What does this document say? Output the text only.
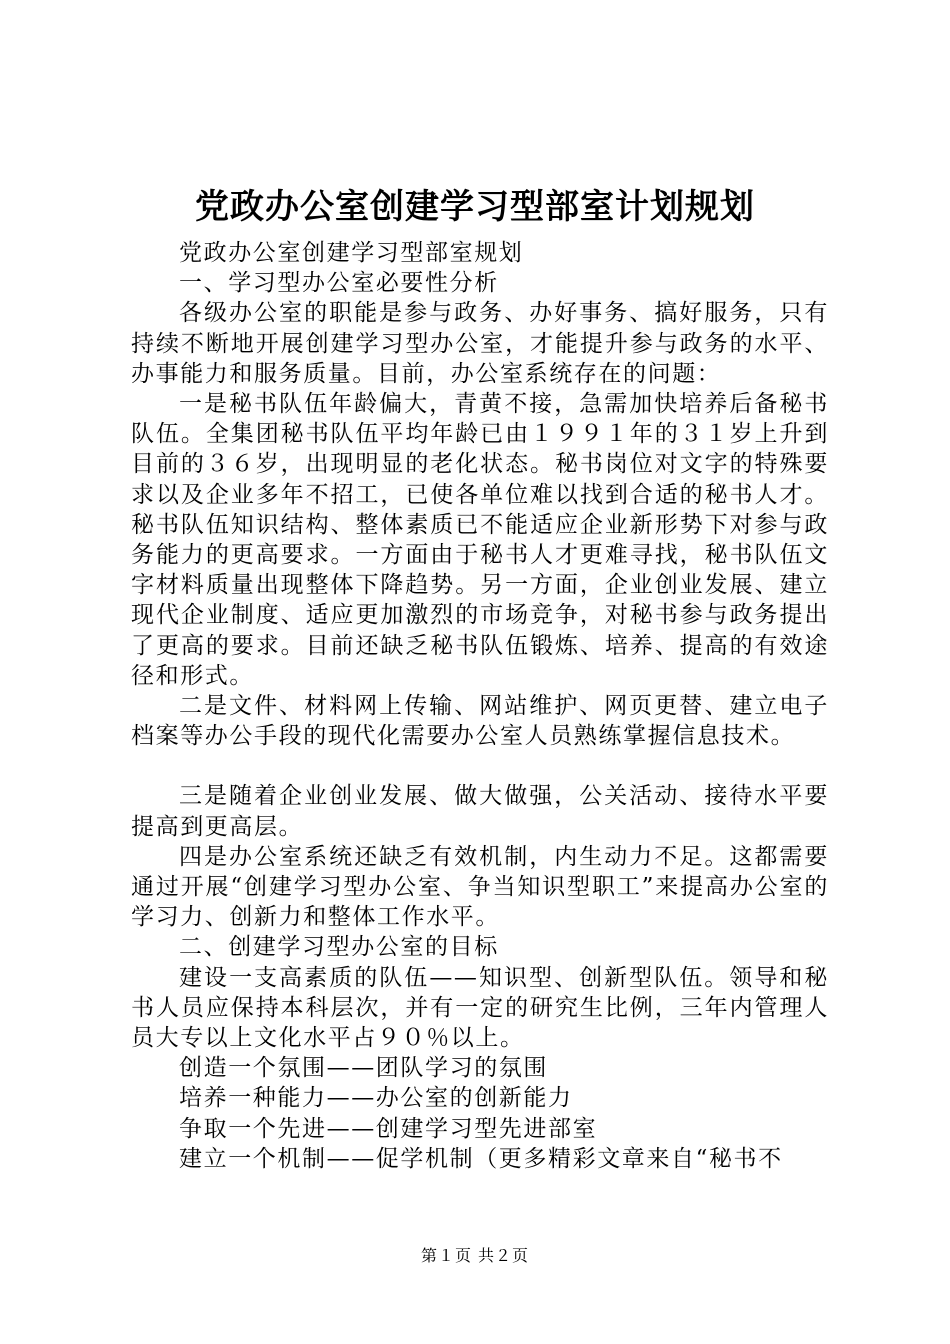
党政办公室创建学习型部室计划规划

党政办公室创建学习型部室规划

一、学习型办公室必要性分析

各级办公室的职能是参与政务、办好事务、搞好服务，只有持续不断地开展创建学习型办公室，才能提升参与政务的水平、办事能力和服务质量。目前，办公室系统存在的问题：

一是秘书队伍年龄偏大，青黄不接，急需加快培养后备秘书队伍。全集团秘书队伍平均年龄已由１９９１年的３１岁上升到目前的３６岁，出现明显的老化状态。秘书岗位对文字的特殊要求以及企业多年不招工，已使各单位难以找到合适的秘书人才。秘书队伍知识结构、整体素质已不能适应企业新形势下对参与政务能力的更高要求。一方面由于秘书人才更难寻找，秘书队伍文字材料质量出现整体下降趋势。另一方面，企业创业发展、建立现代企业制度、适应更加激烈的市场竞争，对秘书参与政务提出了更高的要求。目前还缺乏秘书队伍锻炼、培养、提高的有效途径和形式。

二是文件、材料网上传输、网站维护、网页更替、建立电子档案等办公手段的现代化需要办公室人员熟练掌握信息技术。

三是随着企业创业发展、做大做强，公关活动、接待水平要提高到更高层。

四是办公室系统还缺乏有效机制，内生动力不足。这都需要通过开展“创建学习型办公室、争当知识型职工”来提高办公室的学习力、创新力和整体工作水平。

二、创建学习型办公室的目标

建设一支高素质的队伍——知识型、创新型队伍。领导和秘书人员应保持本科层次，并有一定的研究生比例，三年内管理人员大专以上文化水平占９０％以上。

创造一个氛围——团队学习的氛围

培养一种能力——办公室的创新能力

争取一个先进——创建学习型先进部室

建立一个机制——促学机制（更多精彩文章来自“秘书不

第１页 共２页
